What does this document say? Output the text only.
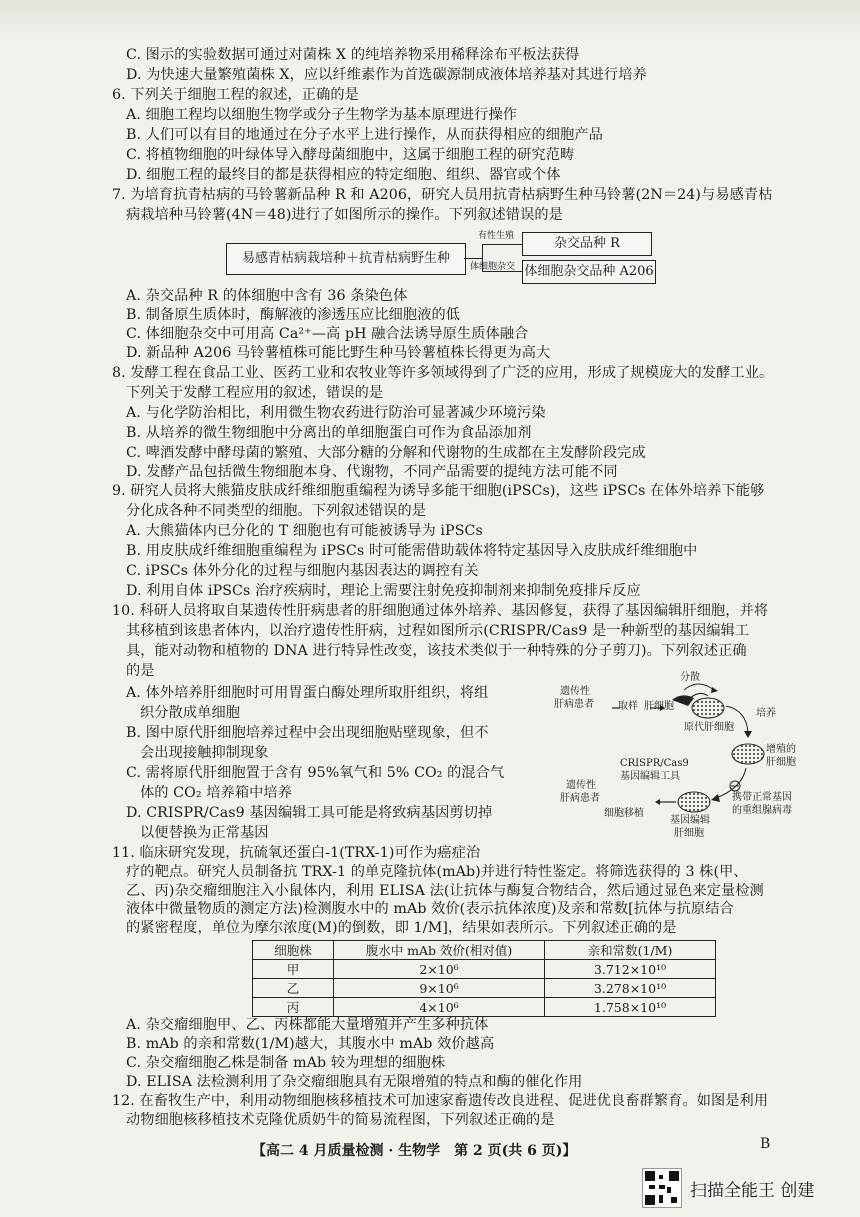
C. 图示的实验数据可通过对菌株 X 的纯培养物采用稀释涂布平板法获得
D. 为快速大量繁殖菌株 X，应以纤维素作为首选碳源制成液体培养基对其进行培养
6. 下列关于细胞工程的叙述，正确的是
A. 细胞工程均以细胞生物学或分子生物学为基本原理进行操作
B. 人们可以有目的地通过在分子水平上进行操作，从而获得相应的细胞产品
C. 将植物细胞的叶绿体导入酵母菌细胞中，这属于细胞工程的研究范畴
D. 细胞工程的最终目的都是获得相应的特定细胞、组织、器官或个体
7. 为培育抗青枯病的马铃薯新品种 R 和 A206，研究人员用抗青枯病野生种马铃薯(2N＝24)与易感青枯
病栽培种马铃薯(4N＝48)进行了如图所示的操作。下列叙述错误的是
易感青枯病栽培种＋抗青枯病野生种
有性生殖
体细胞杂交
杂交品种 R
体细胞杂交品种 A206
A. 杂交品种 R 的体细胞中含有 36 条染色体
B. 制备原生质体时，酶解液的渗透压应比细胞液的低
C. 体细胞杂交中可用高 Ca²⁺—高 pH 融合法诱导原生质体融合
D. 新品种 A206 马铃薯植株可能比野生种马铃薯植株长得更为高大
8. 发酵工程在食品工业、医药工业和农牧业等许多领域得到了广泛的应用，形成了规模庞大的发酵工业。
下列关于发酵工程应用的叙述，错误的是
A. 与化学防治相比，利用微生物农药进行防治可显著减少环境污染
B. 从培养的微生物细胞中分离出的单细胞蛋白可作为食品添加剂
C. 啤酒发酵中酵母菌的繁殖、大部分糖的分解和代谢物的生成都在主发酵阶段完成
D. 发酵产品包括微生物细胞本身、代谢物，不同产品需要的提纯方法可能不同
9. 研究人员将大熊猫皮肤成纤维细胞重编程为诱导多能干细胞(iPSCs)，这些 iPSCs 在体外培养下能够
分化成各种不同类型的细胞。下列叙述错误的是
A. 大熊猫体内已分化的 T 细胞也有可能被诱导为 iPSCs
B. 用皮肤成纤维细胞重编程为 iPSCs 时可能需借助载体将特定基因导入皮肤成纤维细胞中
C. iPSCs 体外分化的过程与细胞内基因表达的调控有关
D. 利用自体 iPSCs 治疗疾病时，理论上需要注射免疫抑制剂来抑制免疫排斥反应
10. 科研人员将取自某遗传性肝病患者的肝细胞通过体外培养、基因修复，获得了基因编辑肝细胞，并将
其移植到该患者体内，以治疗遗传性肝病，过程如图所示(CRISPR/Cas9 是一种新型的基因编辑工
具，能对动物和植物的 DNA 进行特异性改变，该技术类似于一种特殊的分子剪刀)。下列叙述正确
的是
A. 体外培养肝细胞时可用胃蛋白酶处理所取肝组织，将组
织分散成单细胞
B. 图中原代肝细胞培养过程中会出现细胞贴壁现象，但不
会出现接触抑制现象
C. 需将原代肝细胞置于含有 95%氧气和 5% CO₂ 的混合气
体的 CO₂ 培养箱中培养
D. CRISPR/Cas9 基因编辑工具可能是将致病基因剪切掉
以便替换为正常基因
遗传性
肝病患者 取样 肝细胞
分散
原代肝细胞
培养
增殖的
肝细胞
CRISPR/Cas9
基因编辑工具
携带正常基因
的重组腺病毒
遗传性
肝病患者
细胞移植
基因编辑
肝细胞
11. 临床研究发现，抗硫氧还蛋白-1(TRX-1)可作为癌症治
疗的靶点。研究人员制备抗 TRX-1 的单克隆抗体(mAb)并进行特性鉴定。将筛选获得的 3 株(甲、
乙、丙)杂交瘤细胞注入小鼠体内，利用 ELISA 法(让抗体与酶复合物结合，然后通过显色来定量检测
液体中微量物质的测定方法)检测腹水中的 mAb 效价(表示抗体浓度)及亲和常数[抗体与抗原结合
的紧密程度，单位为摩尔浓度(M)的倒数，即 1/M]，结果如表所示。下列叙述正确的是
细胞株	腹水中 mAb 效价(相对值)	亲和常数(1/M)
甲	2×10⁶	3.712×10¹⁰
乙	9×10⁶	3.278×10¹⁰
丙	4×10⁶	1.758×10¹⁰
A. 杂交瘤细胞甲、乙、丙株都能大量增殖并产生多种抗体
B. mAb 的亲和常数(1/M)越大，其腹水中 mAb 效价越高
C. 杂交瘤细胞乙株是制备 mAb 较为理想的细胞株
D. ELISA 法检测利用了杂交瘤细胞具有无限增殖的特点和酶的催化作用
12. 在畜牧生产中，利用动物细胞核移植技术可加速家畜遗传改良进程、促进优良畜群繁育。如图是利用
动物细胞核移植技术克隆优质奶牛的简易流程图，下列叙述正确的是
【高二 4 月质量检测 · 生物学　第 2 页(共 6 页)】	B
扫描全能王 创建
